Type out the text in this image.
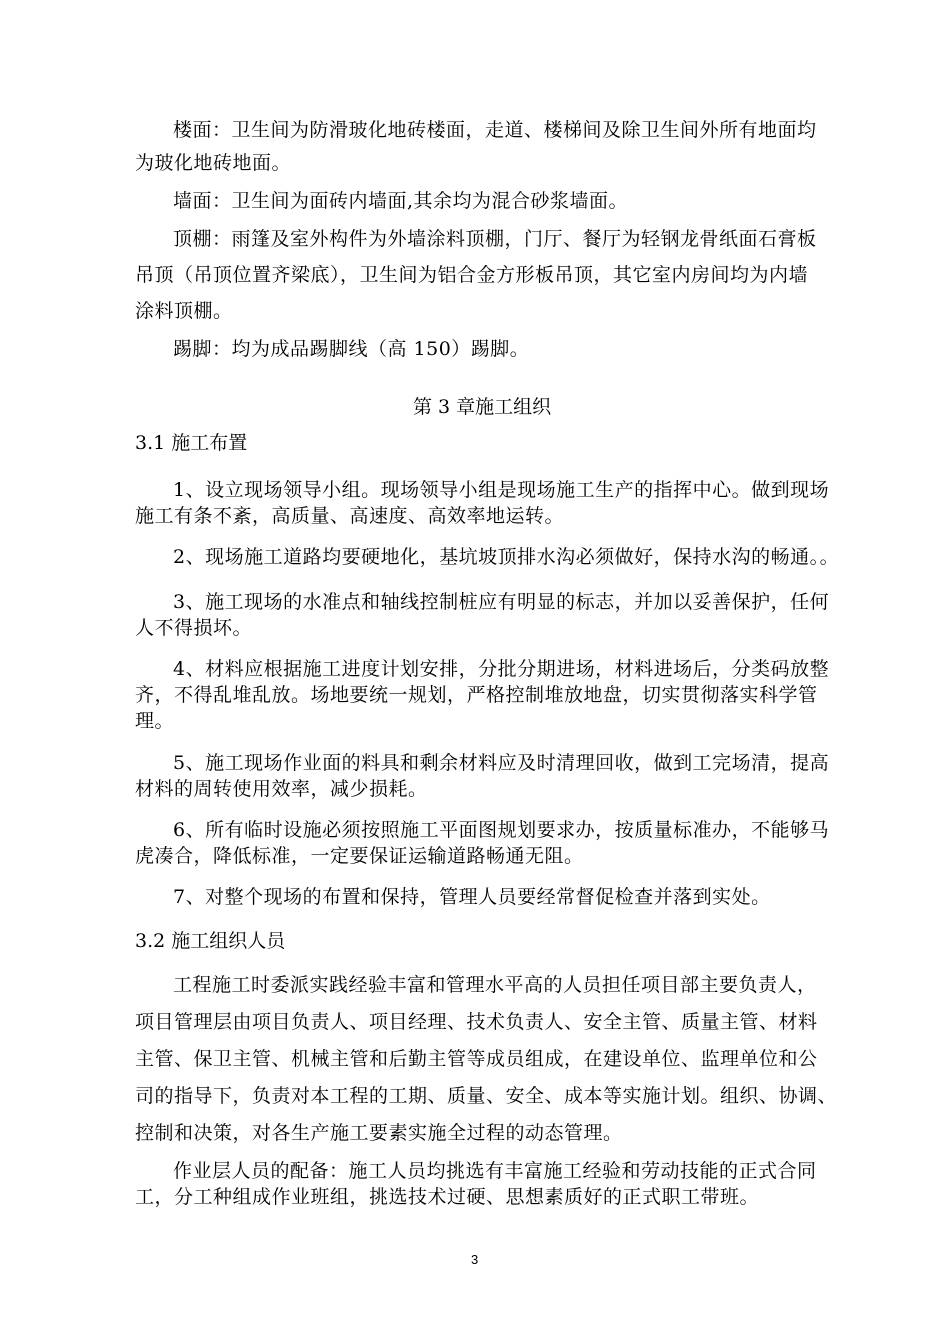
楼面：卫生间为防滑玻化地砖楼面，走道、楼梯间及除卫生间外所有地面均
为玻化地砖地面。
墙面：卫生间为面砖内墙面,其余均为混合砂浆墙面。
顶棚：雨篷及室外构件为外墙涂料顶棚，门厅、餐厅为轻钢龙骨纸面石膏板
吊顶（吊顶位置齐梁底），卫生间为铝合金方形板吊顶，其它室内房间均为内墙
涂料顶棚。
踢脚：均为成品踢脚线（高 150）踢脚。
第 3 章施工组织
3.1 施工布置
1、设立现场领导小组。现场领导小组是现场施工生产的指挥中心。做到现场
施工有条不紊，高质量、高速度、高效率地运转。
2、现场施工道路均要硬地化，基坑坡顶排水沟必须做好，保持水沟的畅通。。
3、施工现场的水准点和轴线控制桩应有明显的标志，并加以妥善保护，任何
人不得损坏。
4、材料应根据施工进度计划安排，分批分期进场，材料进场后，分类码放整
齐，不得乱堆乱放。场地要统一规划，严格控制堆放地盘，切实贯彻落实科学管
理。
5、施工现场作业面的料具和剩余材料应及时清理回收，做到工完场清，提高
材料的周转使用效率，减少损耗。
6、所有临时设施必须按照施工平面图规划要求办，按质量标准办，不能够马
虎凑合，降低标准，一定要保证运输道路畅通无阻。
7、对整个现场的布置和保持，管理人员要经常督促检查并落到实处。
3.2 施工组织人员
工程施工时委派实践经验丰富和管理水平高的人员担任项目部主要负责人，
项目管理层由项目负责人、项目经理、技术负责人、安全主管、质量主管、材料
主管、保卫主管、机械主管和后勤主管等成员组成，在建设单位、监理单位和公
司的指导下，负责对本工程的工期、质量、安全、成本等实施计划。组织、协调、
控制和决策，对各生产施工要素实施全过程的动态管理。
作业层人员的配备：施工人员均挑选有丰富施工经验和劳动技能的正式合同
工，分工种组成作业班组，挑选技术过硬、思想素质好的正式职工带班。
3
